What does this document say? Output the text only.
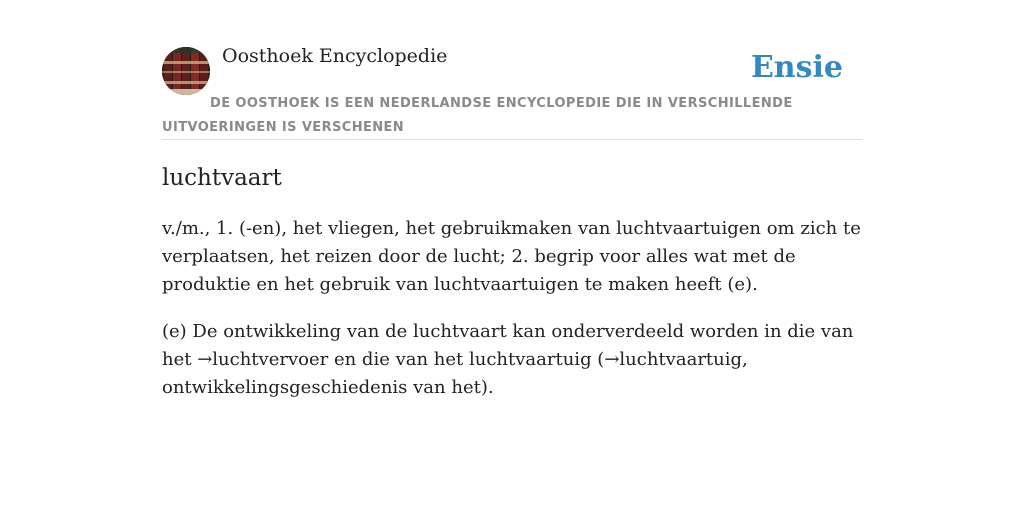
Oosthoek Encyclopedie	Ensie

DE OOSTHOEK IS EEN NEDERLANDSE ENCYCLOPEDIE DIE IN VERSCHILLENDE UITVOERINGEN IS VERSCHENEN

luchtvaart

v./m., 1. (-en), het vliegen, het gebruikmaken van luchtvaartuigen om zich te verplaatsen, het reizen door de lucht; 2. begrip voor alles wat met de produktie en het gebruik van luchtvaartuigen te maken heeft (e).

(e) De ontwikkeling van de luchtvaart kan onderverdeeld worden in die van het →luchtvervoer en die van het luchtvaartuig (→luchtvaartuig, ontwikkelingsgeschiedenis van het).
